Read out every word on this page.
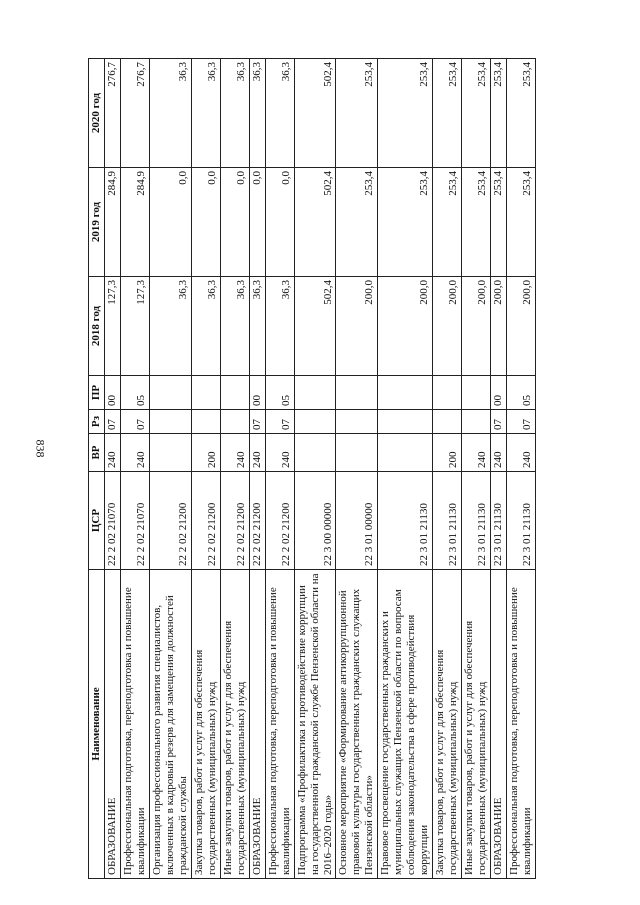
838
Наименование	ЦСР	ВР	Рз	ПР	2018 год	2019 год	2020 год
ОБРАЗОВАНИЕ	22 2 02 21070	240	07	00	127,3	284,9	276,7
Профессиональная подготовка, переподготовка и повышение квалификации	22 2 02 21070	240	07	05	127,3	284,9	276,7
Организация профессионального развития специалистов, включенных в кадровый резерв для замещения должностей гражданской службы	22 2 02 21200				36,3	0,0	36,3
Закупка товаров, работ и услуг для обеспечения государственных (муниципальных) нужд	22 2 02 21200	200			36,3	0,0	36,3
Иные закупки товаров, работ и услуг для обеспечения государственных (муниципальных) нужд	22 2 02 21200	240			36,3	0,0	36,3
ОБРАЗОВАНИЕ	22 2 02 21200	240	07	00	36,3	0,0	36,3
Профессиональная подготовка, переподготовка и повышение квалификации	22 2 02 21200	240	07	05	36,3	0,0	36,3
Подпрограмма «Профилактика и противодействие коррупции на государственной гражданской службе Пензенской области на 2016–2020 годы»	22 3 00 00000				502,4	502,4	502,4
Основное мероприятие «Формирование антикоррупционной правовой культуры государственных гражданских служащих Пензенской области»	22 3 01 00000				200,0	253,4	253,4
Правовое просвещение государственных гражданских и муниципальных служащих Пензенской области по вопросам соблюдения законодательства в сфере противодействия коррупции	22 3 01 21130				200,0	253,4	253,4
Закупка товаров, работ и услуг для обеспечения государственных (муниципальных) нужд	22 3 01 21130	200			200,0	253,4	253,4
Иные закупки товаров, работ и услуг для обеспечения государственных (муниципальных) нужд	22 3 01 21130	240			200,0	253,4	253,4
ОБРАЗОВАНИЕ	22 3 01 21130	240	07	00	200,0	253,4	253,4
Профессиональная подготовка, переподготовка и повышение квалификации	22 3 01 21130	240	07	05	200,0	253,4	253,4
